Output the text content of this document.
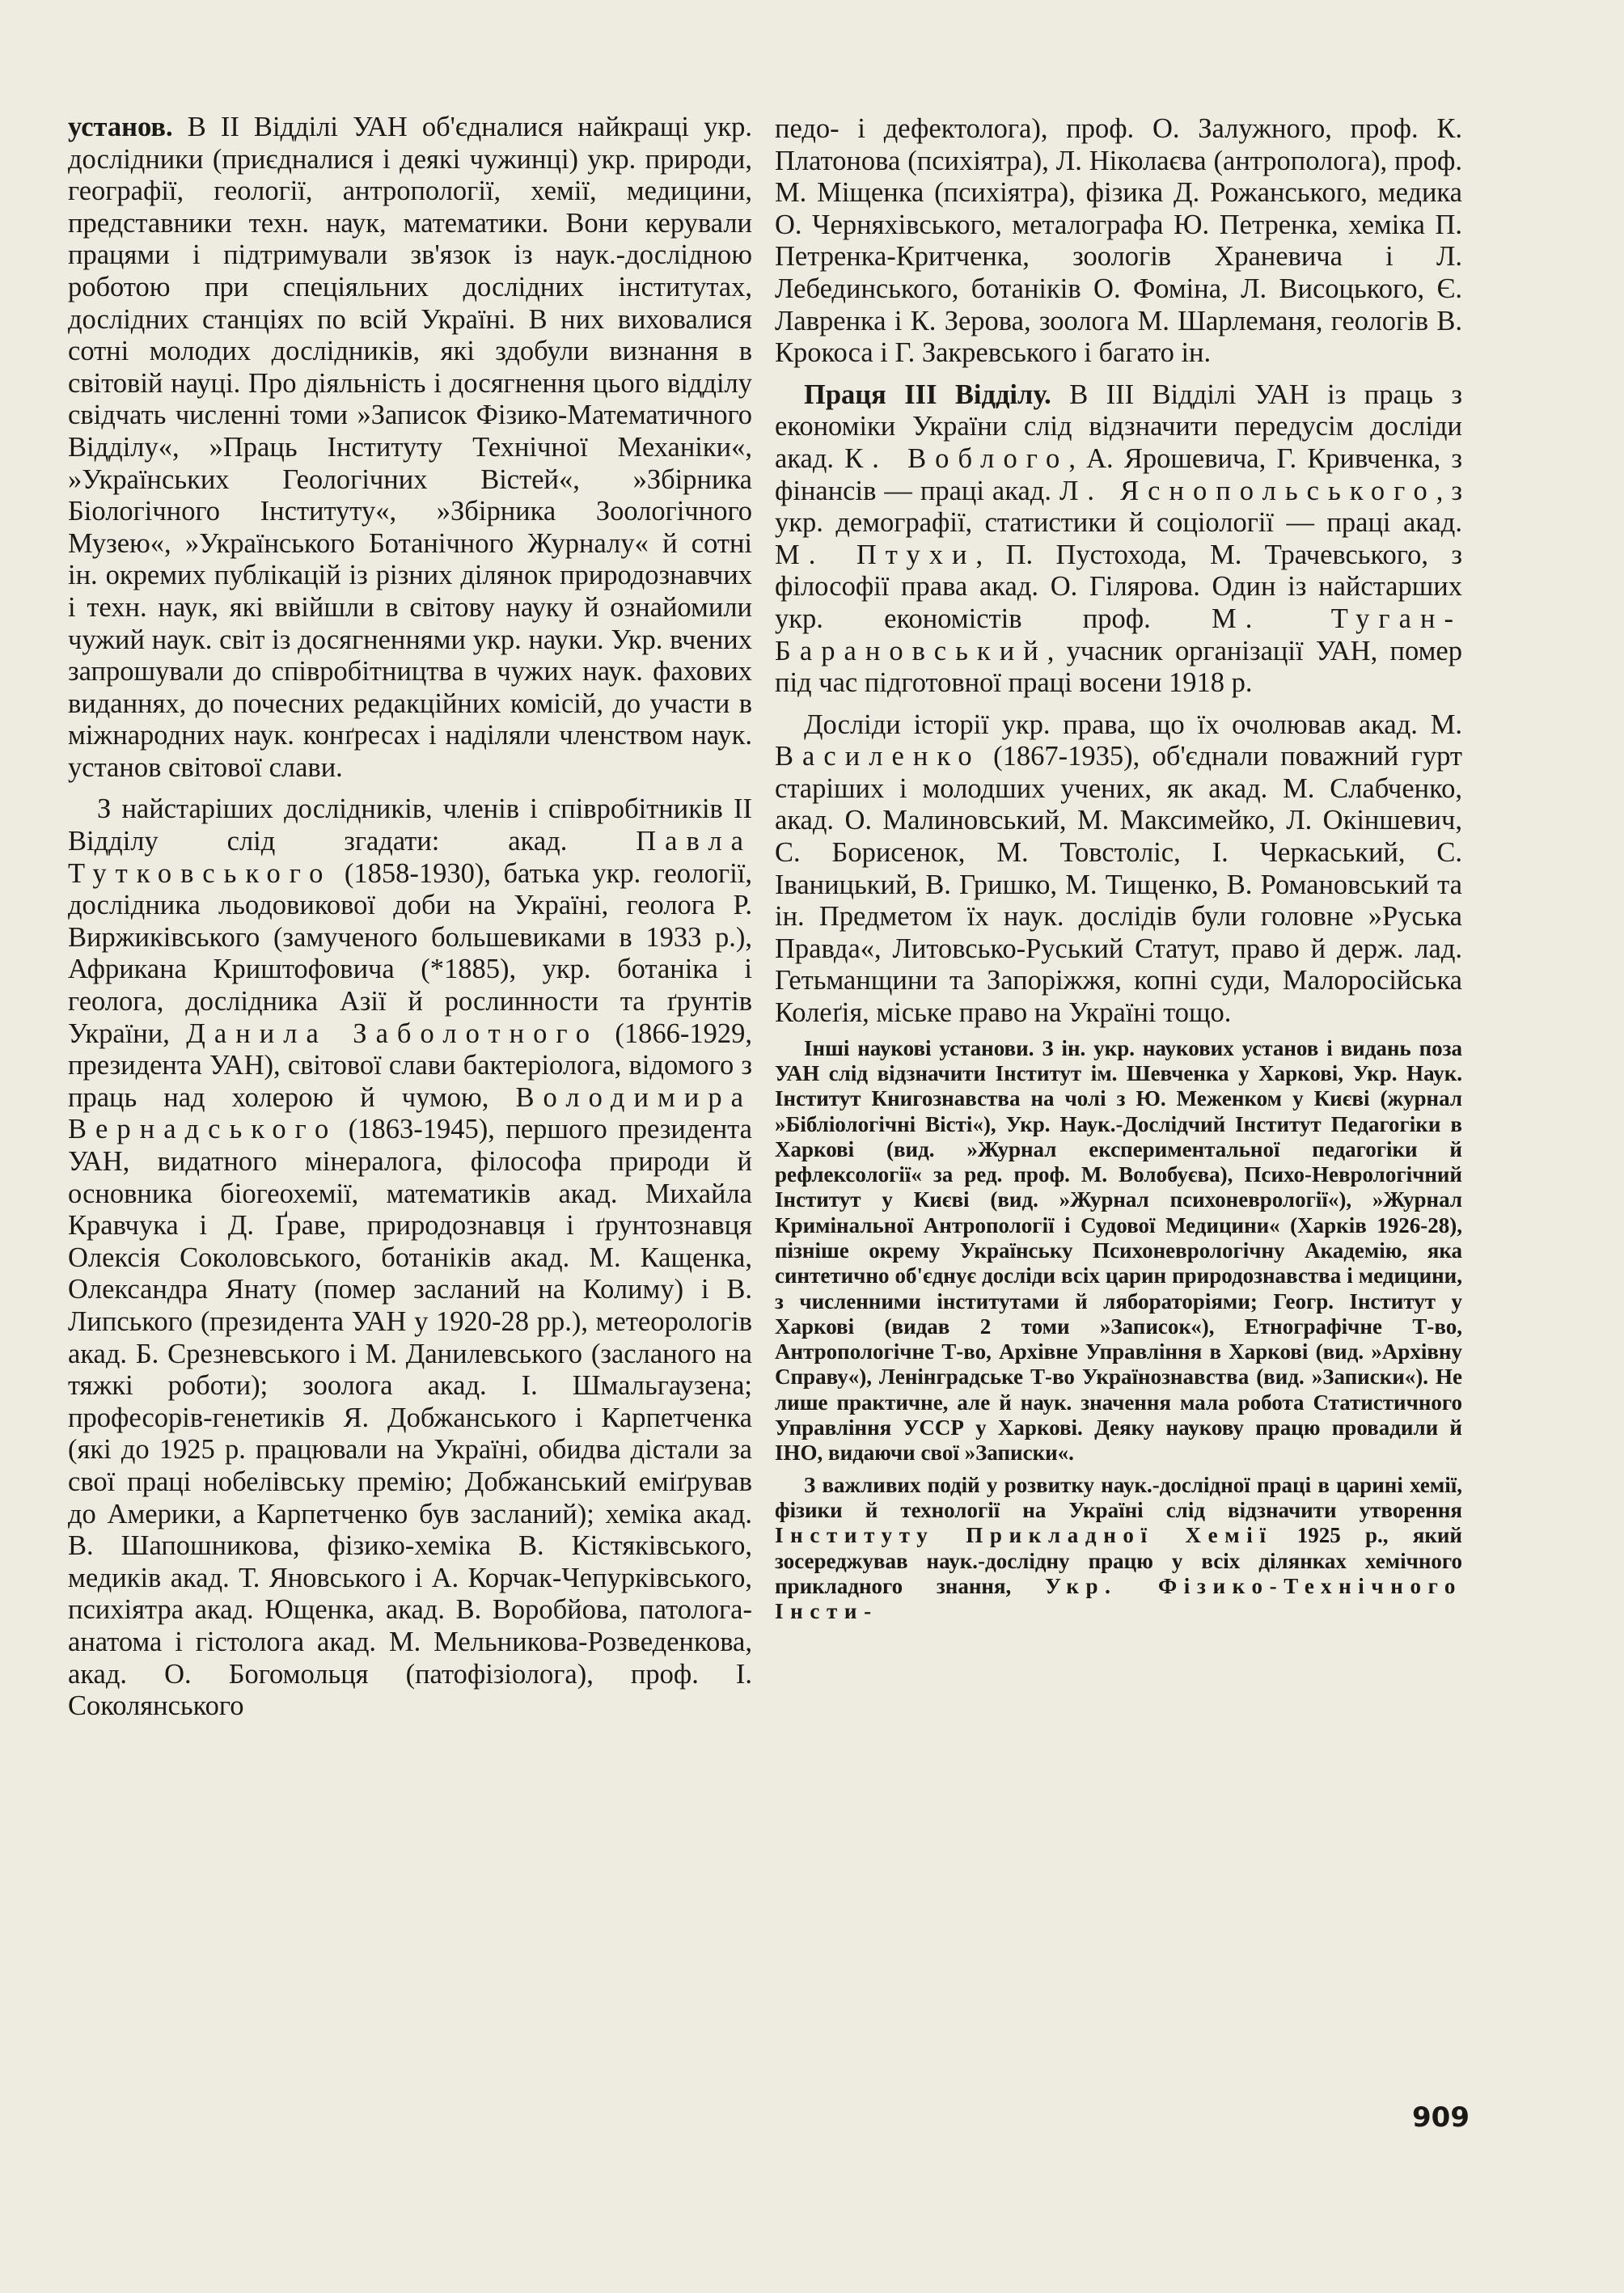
установ. В II Відділі УАН об'єдналися найкращі укр. дослідники (приєдналися і деякі чужинці) укр. природи, географії, геології, антропології, хемії, медицини, представники техн. наук, математики. Вони керували працями і підтримували зв'язок із наук.-дослідною роботою при спеціяльних дослідних інститутах, дослідних станціях по всій Україні. В них виховалися сотні молодих дослідників, які здобули визнання в світовій науці. Про діяльність і досягнення цього відділу свідчать численні томи »Записок Фізико-Математичного Відділу«, »Праць Інституту Технічної Механіки«, »Українських Геологічних Вістей«, »Збірника Біологічного Інституту«, »Збірника Зоологічного Музею«, »Українського Ботанічного Журналу« й сотні ін. окремих публікацій із різних ділянок природознавчих і техн. наук, які ввійшли в світову науку й ознайомили чужий наук. світ із досягненнями укр. науки. Укр. вчених запрошували до співробітництва в чужих наук. фахових виданнях, до почесних редакційних комісій, до участи в міжнародних наук. конґресах і наділяли членством наук. установ світової слави.

З найстаріших дослідників, членів і співробітників II Відділу слід згадати: акад. Павла Тутковського (1858-1930), батька укр. геології, дослідника льодовикової доби на Україні, геолога Р. Виржиківського (замученого большевиками в 1933 р.), Африкана Криштофовича (*1885), укр. ботаніка і геолога, дослідника Азії й рослинности та ґрунтів України, Данила Заболотного (1866-1929, президента УАН), світової слави бактеріолога, відомого з праць над холерою й чумою, Володимира Вернадського (1863-1945), першого президента УАН, видатного мінералога, філософа природи й основника біогеохемії, математиків акад. Михайла Кравчука і Д. Ґраве, природознавця і ґрунтознавця Олексія Соколовського, ботаніків акад. М. Кащенка, Олександра Янату (помер засланий на Колиму) і В. Липського (президента УАН у 1920-28 рр.), метеорологів акад. Б. Срезневського і М. Данилевського (засланого на тяжкі роботи); зоолога акад. І. Шмальгаузена; професорів-генетиків Я. Добжанського і Карпетченка (які до 1925 р. працювали на Україні, обидва дістали за свої праці нобелівську премію; Добжанський еміґрував до Америки, а Карпетченко був засланий); хеміка акад. В. Шапошникова, фізико-хеміка В. Кістяківського, медиків акад. Т. Яновського і А. Корчак-Чепурківського, психіятра акад. Ющенка, акад. В. Воробйова, патолога-анатома і гістолога акад. М. Мельникова-Розведенкова, акад. О. Богомольця (патофізіолога), проф. І. Соколянського

педо- і дефектолога), проф. О. Залужного, проф. К. Платонова (психіятра), Л. Ніколаєва (антрополога), проф. М. Міщенка (психіятра), фізика Д. Рожанського, медика О. Черняхівського, металографа Ю. Петренка, хеміка П. Петренка-Критченка, зоологів Храневича і Л. Лебединського, ботаніків О. Фоміна, Л. Висоцького, Є. Лавренка і К. Зерова, зоолога М. Шарлеманя, геологів В. Крокоса і Г. Закревського і багато ін.

Праця III Відділу. В III Відділі УАН із праць з економіки України слід відзначити передусім досліди акад. К. Воблого, А. Ярошевича, Г. Кривченка, з фінансів — праці акад. Л. Яснопольського, з укр. демографії, статистики й соціології — праці акад. М. Птухи, П. Пустохода, М. Трачевського, з філософії права акад. О. Гілярова. Один із найстарших укр. економістів проф. М. Туган-Барановський, учасник організації УАН, помер під час підготовної праці восени 1918 р.

Досліди історії укр. права, що їх очолював акад. М. Василенко (1867-1935), об'єднали поважний гурт старіших і молодших учених, як акад. М. Слабченко, акад. О. Малиновський, М. Максимейко, Л. Окіншевич, С. Борисенок, М. Товстоліс, І. Черкаський, С. Іваницький, В. Гришко, М. Тищенко, В. Романовський та ін. Предметом їх наук. дослідів були головне »Руська Правда«, Литовсько-Руський Статут, право й держ. лад. Гетьманщини та Запоріжжя, копні суди, Малоросійська Колеґія, міське право на Україні тощо.

Інші наукові установи. З ін. укр. наукових установ і видань поза УАН слід відзначити Інститут ім. Шевченка у Харкові, Укр. Наук. Інститут Книгознавства на чолі з Ю. Меженком у Києві (журнал »Бібліологічні Вісті«), Укр. Наук.-Дослідчий Інститут Педагогіки в Харкові (вид. »Журнал експериментальної педагогіки й рефлексології« за ред. проф. М. Волобуєва), Психо-Неврологічний Інститут у Києві (вид. »Журнал психоневрології«), »Журнал Кримінальної Антропології і Судової Медицини« (Харків 1926-28), пізніше окрему Українську Психоневрологічну Академію, яка синтетично об'єднує досліди всіх царин природознавства і медицини, з численними інститутами й лябораторіями; Геогр. Інститут у Харкові (видав 2 томи »Записок«), Етнографічне Т-во, Антропологічне Т-во, Архівне Управління в Харкові (вид. »Архівну Справу«), Ленінградське Т-во Українознавства (вид. »Записки«). Не лише практичне, але й наук. значення мала робота Статистичного Управління УССР у Харкові. Деяку наукову працю провадили й ІНО, видаючи свої »Записки«.

З важливих подій у розвитку наук.-дослідної праці в царині хемії, фізики й технології на Україні слід відзначити утворення Інституту Прикладної Хемії 1925 р., який зосереджував наук.-дослідну працю у всіх ділянках хемічного прикладного знання, Укр. Фізико-Технічного Інсти-

909
